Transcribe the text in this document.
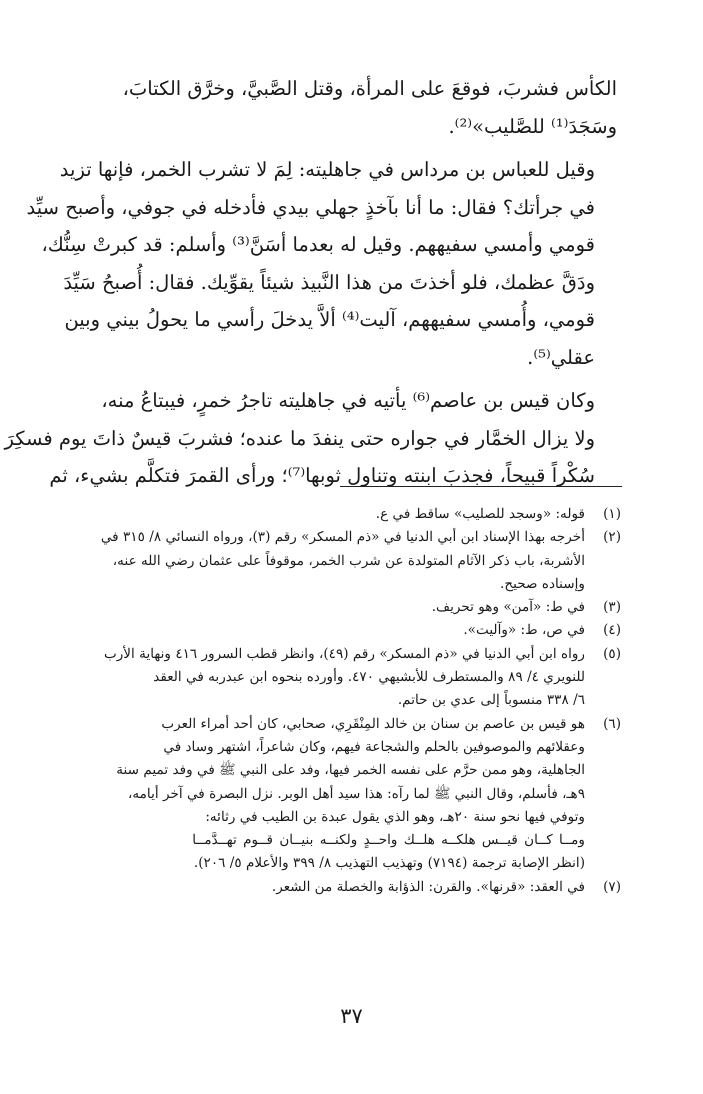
الكأس فشربَ، فوقعَ على المرأة، وقتل الصَّبيَّ، وخرَّق الكتابَ،
وسَجَدَ⁽¹⁾ للصَّليب»⁽²⁾.

وقيل للعباس بن مرداس في جاهليته: لِمَ لا تشرب الخمر، فإنها تزيد
في جرأتك؟ فقال: ما أنا بآخذٍ جهلي بيدي فأدخله في جوفي، وأصبح سيِّد
قومي وأمسي سفيههم. وقيل له بعدما أسَنَّ⁽³⁾ وأسلم: قد كبرتْ سِنُّك،
ودَقَّ عظمك، فلو أخذتَ من هذا النَّبيذ شيئاً يقوِّيك. فقال: أُصبحُ سَيِّدَ
قومي، وأُمسي سفيههم، آليت⁽⁴⁾ ألاَّ يدخلَ رأسي ما يحولُ بيني وبين
عقلي⁽⁵⁾.

وكان قيس بن عاصم⁽⁶⁾ يأتيه في جاهليته تاجرُ خمرٍ، فيبتاعُ منه،
ولا يزال الخمَّار في جواره حتى ينفدَ ما عنده؛ فشربَ قيسٌ ذاتَ يوم فسكِرَ
سُكْراً قبيحاً، فجذبَ ابنته وتناول ثوبها⁽⁷⁾؛ ورأى القمرَ فتكلَّم بشيء، ثم

(١)
قوله: «وسجد للصليب» ساقط في ع.
(٢)
أخرجه بهذا الإسناد ابن أبي الدنيا في «ذم المسكر» رقم (٣)، ورواه النسائي ٨/ ٣١٥ في
الأشربة، باب ذكر الآثام المتولدة عن شرب الخمر، موقوفاً على عثمان رضي الله عنه،
وإسناده صحيح.
(٣)
في ط: «آمن» وهو تحريف.
(٤)
في ص، ط: «وآليت».
(٥)
رواه ابن أبي الدنيا في «ذم المسكر» رقم (٤٩)، وانظر قطب السرور ٤١٦ ونهاية الأرب
للنويري ٤/ ٨٩ والمستطرف للأبشيهي ٤٧٠. وأورده بنحوه ابن عبدربه في العقد
٦/ ٣٣٨ منسوباً إلى عدي بن حاتم.
(٦)
هو قيس بن عاصم بن سنان بن خالد المِنْقَرِي، صحابي، كان أحد أمراء العرب
وعقلائهم والموصوفين بالحلم والشجاعة فيهم، وكان شاعراً، اشتهر وساد في
الجاهلية، وهو ممن حرَّم على نفسه الخمر فيها، وفد على النبي ﷺ في وفد تميم سنة
٩هـ، فأسلم، وقال النبي ﷺ لما رآه: هذا سيد أهل الوبر. نزل البصرة في آخر أيامه،
وتوفي فيها نحو سنة ٢٠هـ، وهو الذي يقول عبدة بن الطيب في رثائه:
ومــا كــان قيــس هلكــه هلــك واحــدٍ ولكنــه بنيــان قــوم تهــدَّمــا
(انظر الإصابة ترجمة (٧١٩٤) وتهذيب التهذيب ٨/ ٣٩٩ والأعلام ٥/ ٢٠٦).
(٧)
في العقد: «قرنها». والقرن: الذؤابة والخصلة من الشعر.
٣٧
